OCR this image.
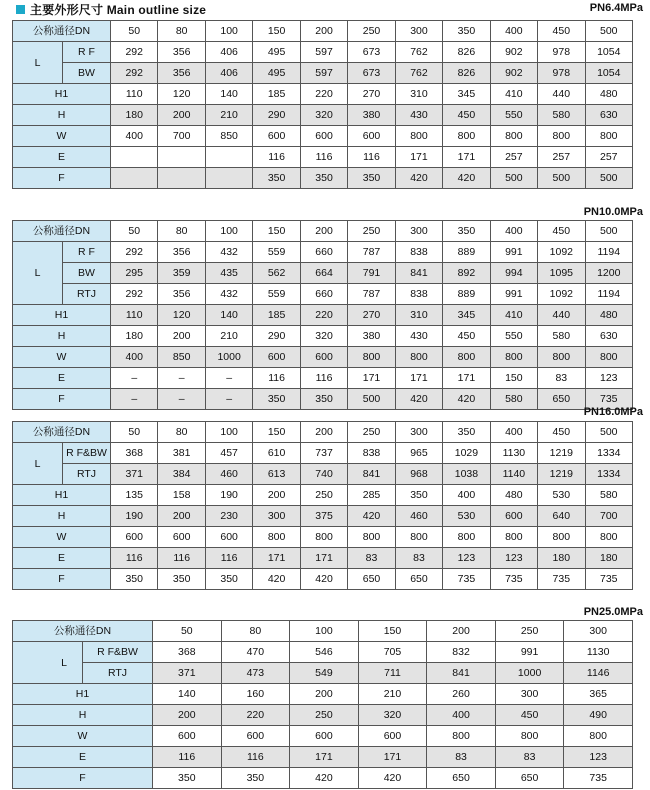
主要外形尺寸 Main outline size	PN6.4MPa
公称通径DN		50	80	100	150	200	250	300	350	400	450	500
L	R F	292	356	406	495	597	673	762	826	902	978	1054
	BW	292	356	406	495	597	673	762	826	902	978	1054
H1		110	120	140	185	220	270	310	345	410	440	480
H		180	200	210	290	320	380	430	450	550	580	630
W		400	700	850	600	600	600	800	800	800	800	800
E					116	116	116	171	171	257	257	257
F					350	350	350	420	420	500	500	500
PN10.0MPa
公称通径DN		50	80	100	150	200	250	300	350	400	450	500
L	R F	292	356	432	559	660	787	838	889	991	1092	1194
	BW	295	359	435	562	664	791	841	892	994	1095	1200
	RTJ	292	356	432	559	660	787	838	889	991	1092	1194
H1		110	120	140	185	220	270	310	345	410	440	480
H		180	200	210	290	320	380	430	450	550	580	630
W		400	850	1000	600	600	800	800	800	800	800	800
E		–	–	–	116	116	171	171	171	150	83	123
F		–	–	–	350	350	500	420	420	580	650	735
PN16.0MPa
公称通径DN		50	80	100	150	200	250	300	350	400	450	500
L	R F&BW	368	381	457	610	737	838	965	1029	1130	1219	1334
	RTJ	371	384	460	613	740	841	968	1038	1140	1219	1334
H1		135	158	190	200	250	285	350	400	480	530	580
H		190	200	230	300	375	420	460	530	600	640	700
W		600	600	600	800	800	800	800	800	800	800	800
E		116	116	116	171	171	83	83	123	123	180	180
F		350	350	350	420	420	650	650	735	735	735	735
PN25.0MPa
公称通径DN		50	80	100	150	200	250	300
L	R F&BW	368	470	546	705	832	991	1130
	RTJ	371	473	549	711	841	1000	1146
H1		140	160	200	210	260	300	365
H		200	220	250	320	400	450	490
W		600	600	600	600	800	800	800
E		116	116	171	171	83	83	123
F		350	350	420	420	650	650	735
